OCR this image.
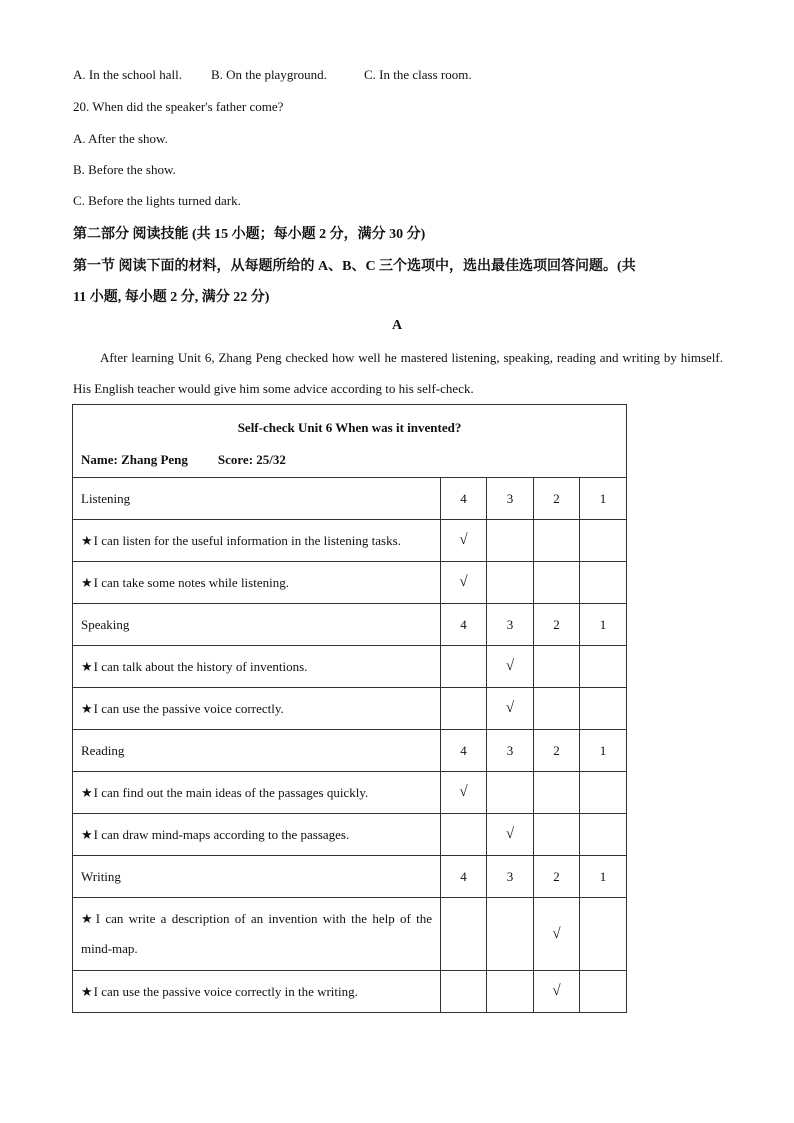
A. In the school hall. B. On the playground.	C. In the class room.
20. When did the speaker's father come?
A. After the show.
B. Before the show.
C. Before the lights turned dark.
第二部分 阅读技能 (共 15 小题；每小题 2 分，满分 30 分)
第一节 阅读下面的材料，从每题所给的 A、B、C 三个选项中，选出最佳选项回答问题。(共
11 小题, 每小题 2 分, 满分 22 分)
A
After learning Unit 6, Zhang Peng checked how well he mastered listening, speaking, reading and writing by himself. His English teacher would give him some advice according to his self-check.
Self-check Unit 6 When was it invented?
Name: Zhang Peng Score: 25/32				

Listening	4	3	2	1
★I can listen for the useful information in the listening tasks.	√			
★I can take some notes while listening.	√			
Speaking	4	3	2	1
★I can talk about the history of inventions.		√		
★I can use the passive voice correctly.		√		
Reading	4	3	2	1
★I can find out the main ideas of the passages quickly.	√			
★I can draw mind-maps according to the passages.		√		
Writing	4	3	2	1
★I can write a description of an invention with the help of the mind-map.			√	
★I can use the passive voice correctly in the writing.			√	
